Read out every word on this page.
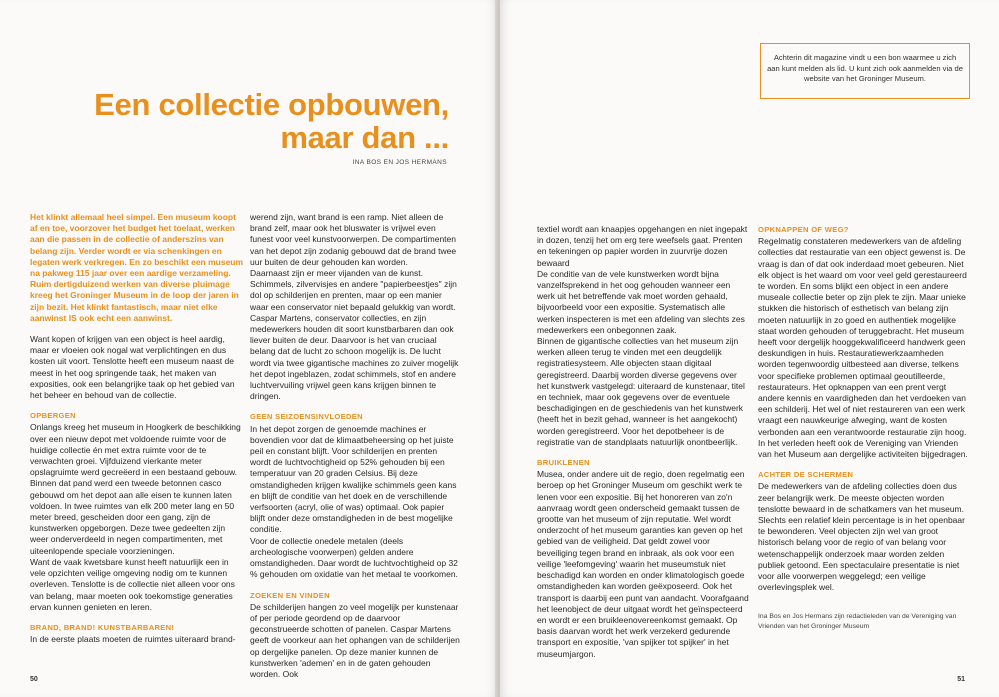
Een collectie opbouwen,
maar dan ...
INA BOS EN JOS HERMANS

Het klinkt allemaal heel simpel. Een museum koopt af en toe, voorzover het budget het toelaat, werken aan die passen in de collectie of anderszins van belang zijn. Verder wordt er via schenkingen en legaten werk verkregen. En zo beschikt een museum na pakweg 115 jaar over een aardige verzameling. Ruim dertigduizend werken van diverse pluimage kreeg het Groninger Museum in de loop der jaren in zijn bezit. Het klinkt fantastisch, maar niet elke aanwinst IS ook echt een aanwinst.

Want kopen of krijgen van een object is heel aardig, maar er vloeien ook nogal wat verplichtingen en dus kosten uit voort. Tenslotte heeft een museum naast de meest in het oog springende taak, het maken van exposities, ook een belangrijke taak op het gebied van het beheer en behoud van de collectie.

OPBERGEN

Onlangs kreeg het museum in Hoogkerk de beschikking over een nieuw depot met voldoende ruimte voor de huidige collectie én met extra ruimte voor de te verwachten groei. Vijfduizend vierkante meter opslagruimte werd gecreëerd in een bestaand gebouw. Binnen dat pand werd een tweede betonnen casco gebouwd om het depot aan alle eisen te kunnen laten voldoen. In twee ruimtes van elk 200 meter lang en 50 meter breed, gescheiden door een gang, zijn de kunstwerken opgeborgen. Deze twee gedeelten zijn weer onderverdeeld in negen compartimenten, met uiteenlopende speciale voorzieningen.

Want de vaak kwetsbare kunst heeft natuurlijk een in vele opzichten veilige omgeving nodig om te kunnen overleven. Tenslotte is de collectie niet alleen voor ons van belang, maar moeten ook toekomstige generaties ervan kunnen genieten en leren.

BRAND, BRAND! KUNSTBARBAREN!

In de eerste plaats moeten de ruimtes uiteraard brand-

werend zijn, want brand is een ramp. Niet alleen de brand zelf, maar ook het bluswater is vrijwel even funest voor veel kunstvoorwerpen. De compartimenten van het depot zijn zodanig gebouwd dat de brand twee uur buiten de deur gehouden kan worden.

Daarnaast zijn er meer vijanden van de kunst. Schimmels, zilvervisjes en andere "papierbeestjes" zijn dol op schilderijen en prenten, maar op een manier waar een conservator niet bepaald gelukkig van wordt. Caspar Martens, conservator collecties, en zijn medewerkers houden dit soort kunstbarbaren dan ook liever buiten de deur. Daarvoor is het van cruciaal belang dat de lucht zo schoon mogelijk is. De lucht wordt via twee gigantische machines zo zuiver mogelijk het depot ingeblazen, zodat schimmels, stof en andere luchtvervuiling vrijwel geen kans krijgen binnen te dringen.

GEEN SEIZOENSINVLOEDEN

In het depot zorgen de genoemde machines er bovendien voor dat de klimaatbeheersing op het juiste peil en constant blijft. Voor schilderijen en prenten wordt de luchtvochtigheid op 52% gehouden bij een temperatuur van 20 graden Celsius. Bij deze omstandigheden krijgen kwalijke schimmels geen kans en blijft de conditie van het doek en de verschillende verfsoorten (acryl, olie of was) optimaal. Ook papier blijft onder deze omstandigheden in de best mogelijke conditie.

Voor de collectie onedele metalen (deels archeologische voorwerpen) gelden andere omstandigheden. Daar wordt de luchtvochtigheid op 32 % gehouden om oxidatie van het metaal te voorkomen.

ZOEKEN EN VINDEN

De schilderijen hangen zo veel mogelijk per kunstenaar of per periode geordend op de daarvoor geconstrueerde schotten of panelen. Caspar Martens geeft de voorkeur aan het ophangen van de schilderijen op dergelijke panelen. Op deze manier kunnen de kunstwerken 'ademen' en in de gaten gehouden worden. Ook

50	51
Achterin dit magazine vindt u een bon waarmee u zich aan kunt melden als lid. U kunt zich ook aanmelden via de website van het Groninger Museum.

textiel wordt aan knaapjes opgehangen en niet ingepakt in dozen, tenzij het om erg tere weefsels gaat. Prenten en tekeningen op papier worden in zuurvrije dozen bewaard

De conditie van de vele kunstwerken wordt bijna vanzelfsprekend in het oog gehouden wanneer een werk uit het betreffende vak moet worden gehaald, bijvoorbeeld voor een expositie. Systematisch alle werken inspecteren is met een afdeling van slechts zes medewerkers een onbegonnen zaak.

Binnen de gigantische collecties van het museum zijn werken alleen terug te vinden met een deugdelijk registratiesysteem. Alle objecten staan digitaal geregistreerd. Daarbij worden diverse gegevens over het kunstwerk vastgelegd: uiteraard de kunstenaar, titel en techniek, maar ook gegevens over de eventuele beschadigingen en de geschiedenis van het kunstwerk (heeft het in bezit gehad, wanneer is het aangekocht) worden geregistreerd. Voor het depotbeheer is de registratie van de standplaats natuurlijk onontbeerlijk.

BRUIKLENEN

Musea, onder andere uit de regio, doen regelmatig een beroep op het Groninger Museum om geschikt werk te lenen voor een expositie. Bij het honoreren van zo'n aanvraag wordt geen onderscheid gemaakt tussen de grootte van het museum of zijn reputatie. Wel wordt onderzocht of het museum garanties kan geven op het gebied van de veiligheid. Dat geldt zowel voor beveiliging tegen brand en inbraak, als ook voor een veilige 'leefomgeving' waarin het museumstuk niet beschadigd kan worden en onder klimatologisch goede omstandigheden kan worden geëxposeerd. Ook het transport is daarbij een punt van aandacht. Voorafgaand het leenobject de deur uitgaat wordt het geïnspecteerd en wordt er een bruikleenovereenkomst gemaakt. Op basis daarvan wordt het werk verzekerd gedurende transport en expositie, 'van spijker tot spijker' in het museumjargon.

OPKNAPPEN OF WEG?

Regelmatig constateren medewerkers van de afdeling collecties dat restauratie van een object gewenst is. De vraag is dan of dat ook inderdaad moet gebeuren. Niet elk object is het waard om voor veel geld gerestaureerd te worden. En soms blijkt een object in een andere museale collectie beter op zijn plek te zijn. Maar unieke stukken die historisch of esthetisch van belang zijn moeten natuurlijk in zo goed en authentiek mogelijke staat worden gehouden of teruggebracht. Het museum heeft voor dergelijk hooggekwalificeerd handwerk geen deskundigen in huis. Restauratiewerkzaamheden worden tegenwoordig uitbesteed aan diverse, telkens voor specifieke problemen optimaal geoutilleerde, restaurateurs. Het opknappen van een prent vergt andere kennis en vaardigheden dan het verdoeken van een schilderij. Het wel of niet restaureren van een werk vraagt een nauwkeurige afweging, want de kosten verbonden aan een verantwoorde restauratie zijn hoog. In het verleden heeft ook de Vereniging van Vrienden van het Museum aan dergelijke activiteiten bijgedragen.

ACHTER DE SCHERMEN

De medewerkers van de afdeling collecties doen dus zeer belangrijk werk. De meeste objecten worden tenslotte bewaard in de schatkamers van het museum. Slechts een relatief klein percentage is in het openbaar te bewonderen. Veel objecten zijn wel van groot historisch belang voor de regio of van belang voor wetenschappelijk onderzoek maar worden zelden publiek getoond. Een spectaculaire presentatie is niet voor alle voorwerpen weggelegd; een veilige overlevingsplek wel.

Ina Bos en Jos Hermans zijn redactieleden van de Vereniging van Vrienden van het Groninger Museum
